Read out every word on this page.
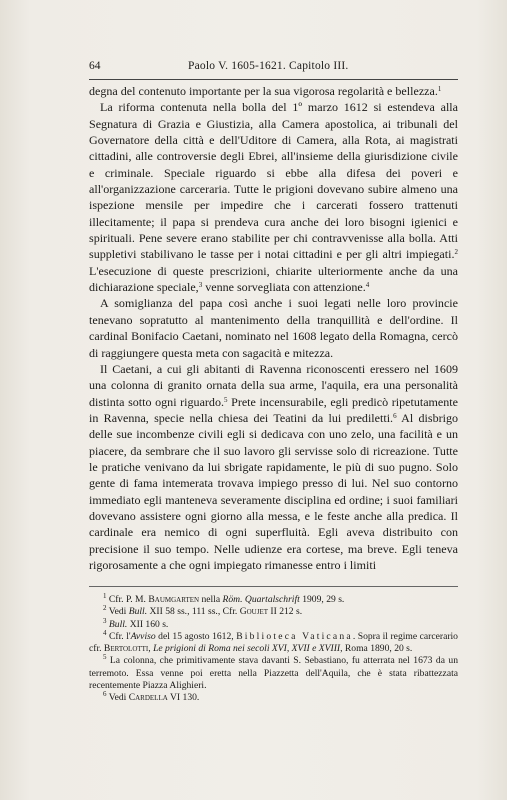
64	Paolo V. 1605-1621. Capitolo III.

degna del contenuto importante per la sua vigorosa regolarità e bellezza.$^1$

La riforma contenuta nella bolla del 1º marzo 1612 si estendeva alla Segnatura di Grazia e Giustizia, alla Camera apostolica, ai tribunali del Governatore della città e dell'Uditore di Camera, alla Rota, ai magistrati cittadini, alle controversie degli Ebrei, all'insieme della giurisdizione civile e criminale. Speciale riguardo si ebbe alla difesa dei poveri e all'organizzazione carceraria. Tutte le prigioni dovevano subire almeno una ispezione mensile per impedire che i carcerati fossero trattenuti illecitamente; il papa si prendeva cura anche dei loro bisogni igienici e spirituali. Pene severe erano stabilite per chi contravvenisse alla bolla. Atti suppletivi stabilivano le tasse per i notai cittadini e per gli altri impiegati.$^2$ L'esecuzione di queste prescrizioni, chiarite ulteriormente anche da una dichiarazione speciale,$^3$ venne sorvegliata con attenzione.$^4$

A somiglianza del papa così anche i suoi legati nelle loro provincie tenevano sopratutto al mantenimento della tranquillità e dell'ordine. Il cardinal Bonifacio Caetani, nominato nel 1608 legato della Romagna, cercò di raggiungere questa meta con sagacità e mitezza.

Il Caetani, a cui gli abitanti di Ravenna riconoscenti eressero nel 1609 una colonna di granito ornata della sua arme, l'aquila, era una personalità distinta sotto ogni riguardo.$^5$ Prete incensurabile, egli predicò ripetutamente in Ravenna, specie nella chiesa dei Teatini da lui prediletti.$^6$ Al disbrigo delle sue incombenze civili egli si dedicava con uno zelo, una facilità e un piacere, da sembrare che il suo lavoro gli servisse solo di ricreazione. Tutte le pratiche venivano da lui sbrigate rapidamente, le più di suo pugno. Solo gente di fama intemerata trovava impiego presso di lui. Nel suo contorno immediato egli manteneva severamente disciplina ed ordine; i suoi familiari dovevano assistere ogni giorno alla messa, e le feste anche alla predica. Il cardinale era nemico di ogni superfluità. Egli aveva distribuito con precisione il suo tempo. Nelle udienze era cortese, ma breve. Egli teneva rigorosamente a che ogni impiegato rimanesse entro i limiti

$^1$ Cfr. P. M. Baumgarten nella Röm. Quartalschrift 1909, 29 s.

$^2$ Vedi Bull. XII 58 ss., 111 ss., Cfr. Goujet II 212 s.

$^3$ Bull. XII 160 s.

$^4$ Cfr. l'Avviso del 15 agosto 1612, Biblioteca Vaticana. Sopra il regime carcerario cfr. Bertolotti, Le prigioni di Roma nei secoli XVI, XVII e XVIII, Roma 1890, 20 s.

$^5$ La colonna, che primitivamente stava davanti S. Sebastiano, fu atterrata nel 1673 da un terremoto. Essa venne poi eretta nella Piazzetta dell'Aquila, che è stata ribattezzata recentemente Piazza Alighieri.

$^6$ Vedi Cardella VI 130.
